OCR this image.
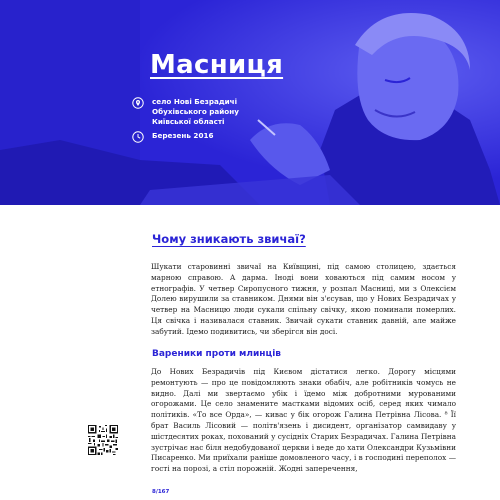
Масниця
село Нові Безрадичі
Обухівського району
Київської області
Березень 2016
Чому зникають звичаї?

Шукати старовинні звичаї на Київщині, під самою столицею, здається марною справою. А дарма. Іноді вони ховаються під самим носом у етнографів. У четвер Сиропусного тижня, у розпал Масниці, ми з Олексієм Долею вирушили за ставником. Днями він з'єсував, що у Нових Безрадичах у четвер на Масницю люди сукали спільну свічку, якою поминали померлих. Ця свічка і називалася ставник. Звичай сукати ставник давній, але майже забутий. Ідемо подивитись, чи зберігся він досі.

Вареники проти млинців

До Нових Безрадичів під Києвом дістатися легко. Дорогу місцями ремонтують — про це повідомляють знаки обабіч, але робітників чомусь не видно. Далі ми звертаємо убік і їдемо між добротними мурованими огорожами. Це село знаменитe мастками відомих осіб, серед яких чимало політиків. «То все Орда», — кивас у бік огорож Галина Петрівна Лісова. ⁸ Її брат Василь Лісовий — політв'язень і дисидент, організатор самвидаву у шістдесятих роках, похований у сусідніх Старих Безрадичах. Галина Петрівна зустрічає нас біля недобудованої церкви і веде до хати Олександри Кузьмівни Писаренко. Ми приїхали раніше домовленого часу, і в господині переполох — гості на порозі, а стіл порожній. Жодні заперечення,

8/167
